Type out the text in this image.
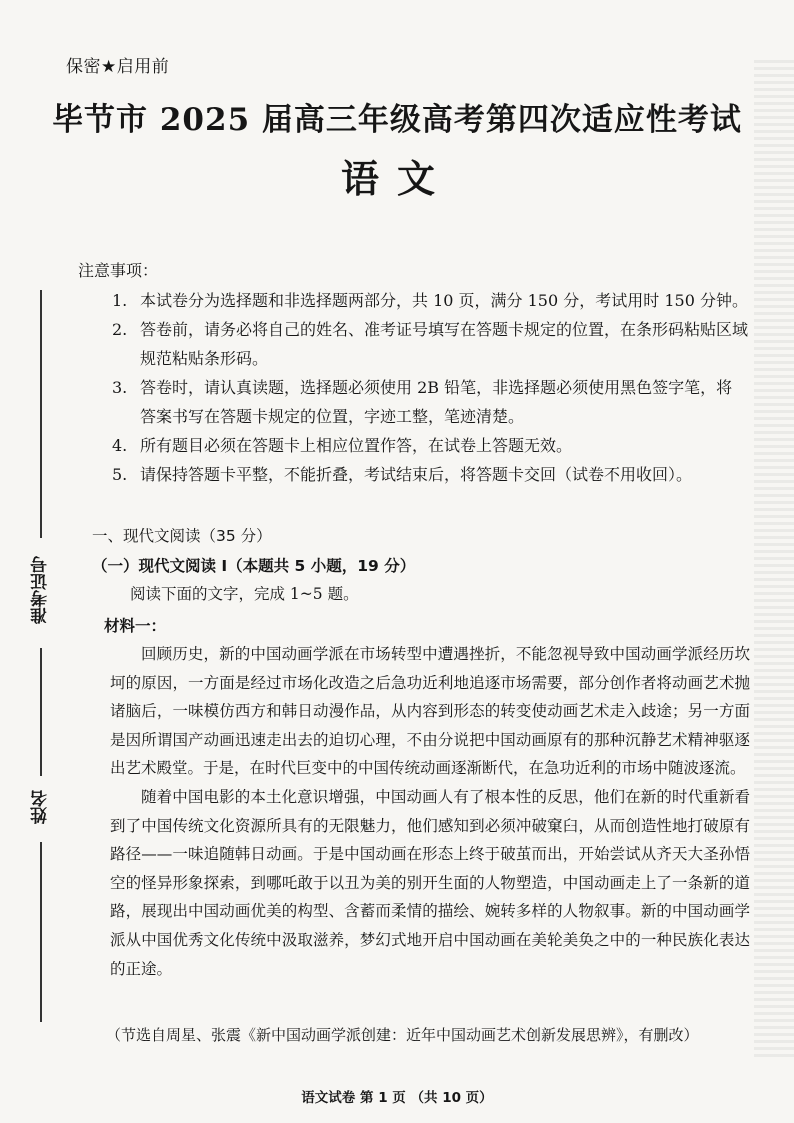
准考证号
姓名
保密★启用前
毕节市 2025 届高三年级高考第四次适应性考试
语文
注意事项：
1. 本试卷分为选择题和非选择题两部分，共 10 页，满分 150 分，考试用时 150 分钟。
2. 答卷前，请务必将自己的姓名、准考证号填写在答题卡规定的位置，在条形码粘贴区域规范粘贴条形码。
3. 答卷时，请认真读题，选择题必须使用 2B 铅笔，非选择题必须使用黑色签字笔，将答案书写在答题卡规定的位置，字迹工整，笔迹清楚。
4. 所有题目必须在答题卡上相应位置作答，在试卷上答题无效。
5. 请保持答题卡平整，不能折叠，考试结束后，将答题卡交回（试卷不用收回）。
一、现代文阅读（35 分）
（一）现代文阅读 Ⅰ（本题共 5 小题，19 分）
阅读下面的文字，完成 1~5 题。
材料一：

回顾历史，新的中国动画学派在市场转型中遭遇挫折，不能忽视导致中国动画学派经历坎坷的原因，一方面是经过市场化改造之后急功近利地追逐市场需要，部分创作者将动画艺术抛诸脑后，一味模仿西方和韩日动漫作品，从内容到形态的转变使动画艺术走入歧途；另一方面是因所谓国产动画迅速走出去的迫切心理，不由分说把中国动画原有的那种沉静艺术精神驱逐出艺术殿堂。于是，在时代巨变中的中国传统动画逐渐断代，在急功近利的市场中随波逐流。

随着中国电影的本土化意识增强，中国动画人有了根本性的反思，他们在新的时代重新看到了中国传统文化资源所具有的无限魅力，他们感知到必须冲破窠臼，从而创造性地打破原有路径——一味追随韩日动画。于是中国动画在形态上终于破茧而出，开始尝试从齐天大圣孙悟空的怪异形象探索，到哪吒敢于以丑为美的别开生面的人物塑造，中国动画走上了一条新的道路，展现出中国动画优美的构型、含蓄而柔情的描绘、婉转多样的人物叙事。新的中国动画学派从中国优秀文化传统中汲取滋养，梦幻式地开启中国动画在美轮美奂之中的一种民族化表达的正途。

（节选自周星、张震《新中国动画学派创建：近年中国动画艺术创新发展思辨》，有删改）
语文试卷 第 1 页 （共 10 页）
